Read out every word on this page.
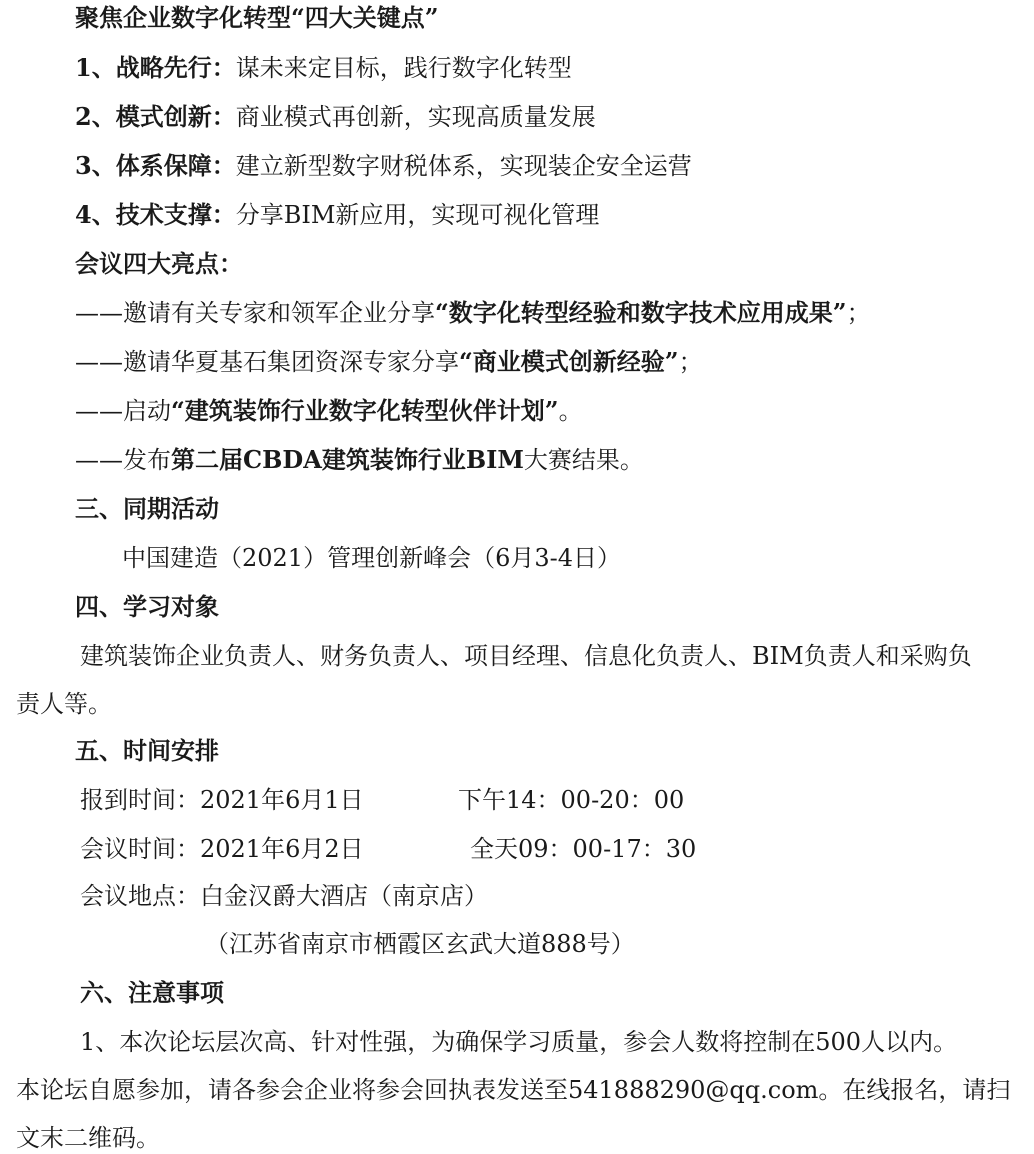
聚焦企业数字化转型“四大关键点”
1、战略先行：谋未来定目标，践行数字化转型
2、模式创新：商业模式再创新，实现高质量发展
3、体系保障：建立新型数字财税体系，实现装企安全运营
4、技术支撑：分享BIM新应用，实现可视化管理
会议四大亮点：
——邀请有关专家和领军企业分享“数字化转型经验和数字技术应用成果”；
——邀请华夏基石集团资深专家分享“商业模式创新经验”；
——启动“建筑装饰行业数字化转型伙伴计划”。
——发布第二届CBDA建筑装饰行业BIM大赛结果。
三、同期活动
中国建造（2021）管理创新峰会（6月3-4日）
四、学习对象
建筑装饰企业负责人、财务负责人、项目经理、信息化负责人、BIM负责人和采购负
责人等。
五、时间安排
报到时间：2021年6月1日	下午14：00-20：00
会议时间：2021年6月2日	全天09：00-17：30
会议地点：白金汉爵大酒店（南京店）
（江苏省南京市栖霞区玄武大道888号）
六、注意事项
1、本次论坛层次高、针对性强，为确保学习质量，参会人数将控制在500人以内。
本论坛自愿参加，请各参会企业将参会回执表发送至541888290@qq.com。在线报名，请扫
文末二维码。
